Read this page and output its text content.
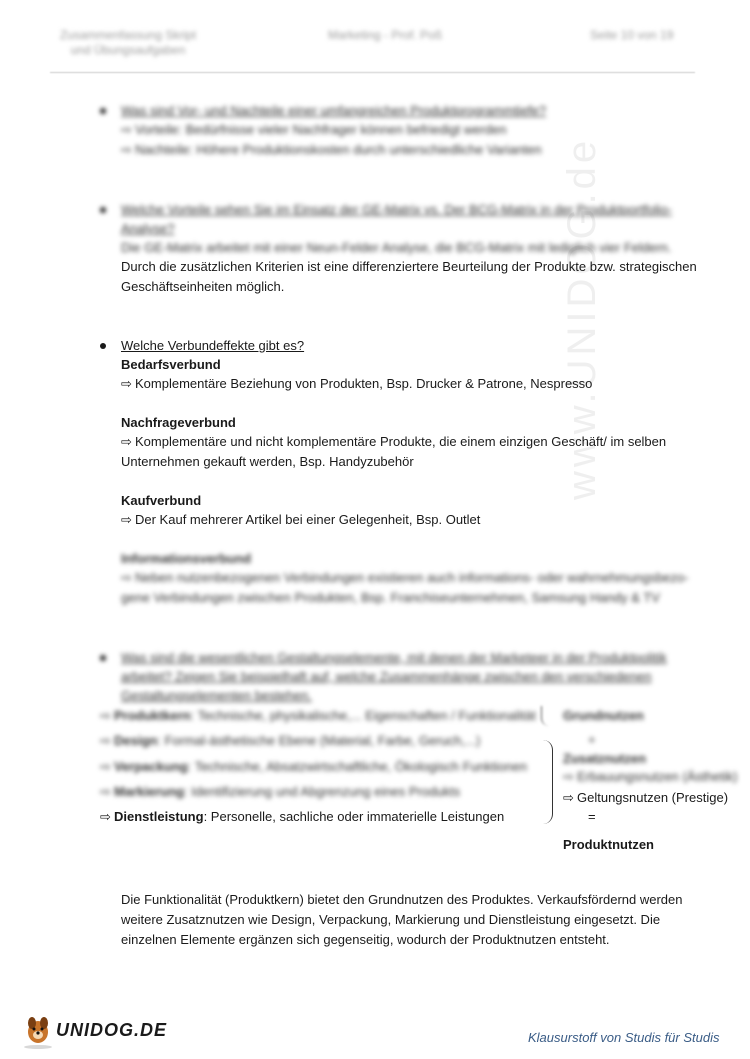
Zusammenfassung Skript
und Übungsaufgaben
Marketing - Prof. Poß	Seite 10 von 19
www.UNIDOG.de
Was sind Vor- und Nachteile einer umfangreichen Produktprogrammtiefe?
⇨ Vorteile: Bedürfnisse vieler Nachfrager können befriedigt werden
⇨ Nachteile: Höhere Produktionskosten durch unterschiedliche Varianten
Welche Vorteile sehen Sie im Einsatz der GE-Matrix vs. Der BCG-Matrix in der Produktportfolio-
Analyse?
Die GE-Matrix arbeitet mit einer Neun-Felder Analyse, die BCG-Matrix mit lediglich vier Feldern.
Durch die zusätzlichen Kriterien ist eine differenziertere Beurteilung der Produkte bzw. strategischen
Geschäftseinheiten möglich.
Welche Verbundeffekte gibt es?
Bedarfsverbund
⇨ Komplementäre Beziehung von Produkten, Bsp. Drucker & Patrone, Nespresso
Nachfrageverbund
⇨ Komplementäre und nicht komplementäre Produkte, die einem einzigen Geschäft/ im selben
Unternehmen gekauft werden, Bsp. Handyzubehör
Kaufverbund
⇨ Der Kauf mehrerer Artikel bei einer Gelegenheit, Bsp. Outlet
Informationsverbund
⇨ Neben nutzenbezogenen Verbindungen existieren auch informations- oder wahrnehmungsbezo-
gene Verbindungen zwischen Produkten, Bsp. Franchiseunternehmen, Samsung Handy & TV
Was sind die wesentlichen Gestaltungselemente, mit denen der Marketeer in der Produktpolitik
arbeitet? Zeigen Sie beispielhaft auf, welche Zusammenhänge zwischen den verschiedenen
Gestaltungselementen bestehen.
⇨ Produktkern: Technische, physikalische,... Eigenschaften / Funktionalität
⇨ Design: Formal-ästhetische Ebene (Material, Farbe, Geruch,...)
⇨ Verpackung: Technische, Absatzwirtschaftliche, Ökologisch Funktionen
⇨ Markierung: Identifizierung und Abgrenzung eines Produkts
⇨ Dienstleistung: Personelle, sachliche oder immaterielle Leistungen
Grundnutzen
+
Zusatznutzen
⇨ Erbauungsnutzen (Ästhetik)
⇨ Geltungsnutzen (Prestige)
=
Produktnutzen
Die Funktionalität (Produktkern) bietet den Grundnutzen des Produktes. Verkaufsfördernd werden
weitere Zusatznutzen wie Design, Verpackung, Markierung und Dienstleistung eingesetzt. Die
einzelnen Elemente ergänzen sich gegenseitig, wodurch der Produktnutzen entsteht.
UNIDOG.DE	Klausurstoff von Studis für Studis
